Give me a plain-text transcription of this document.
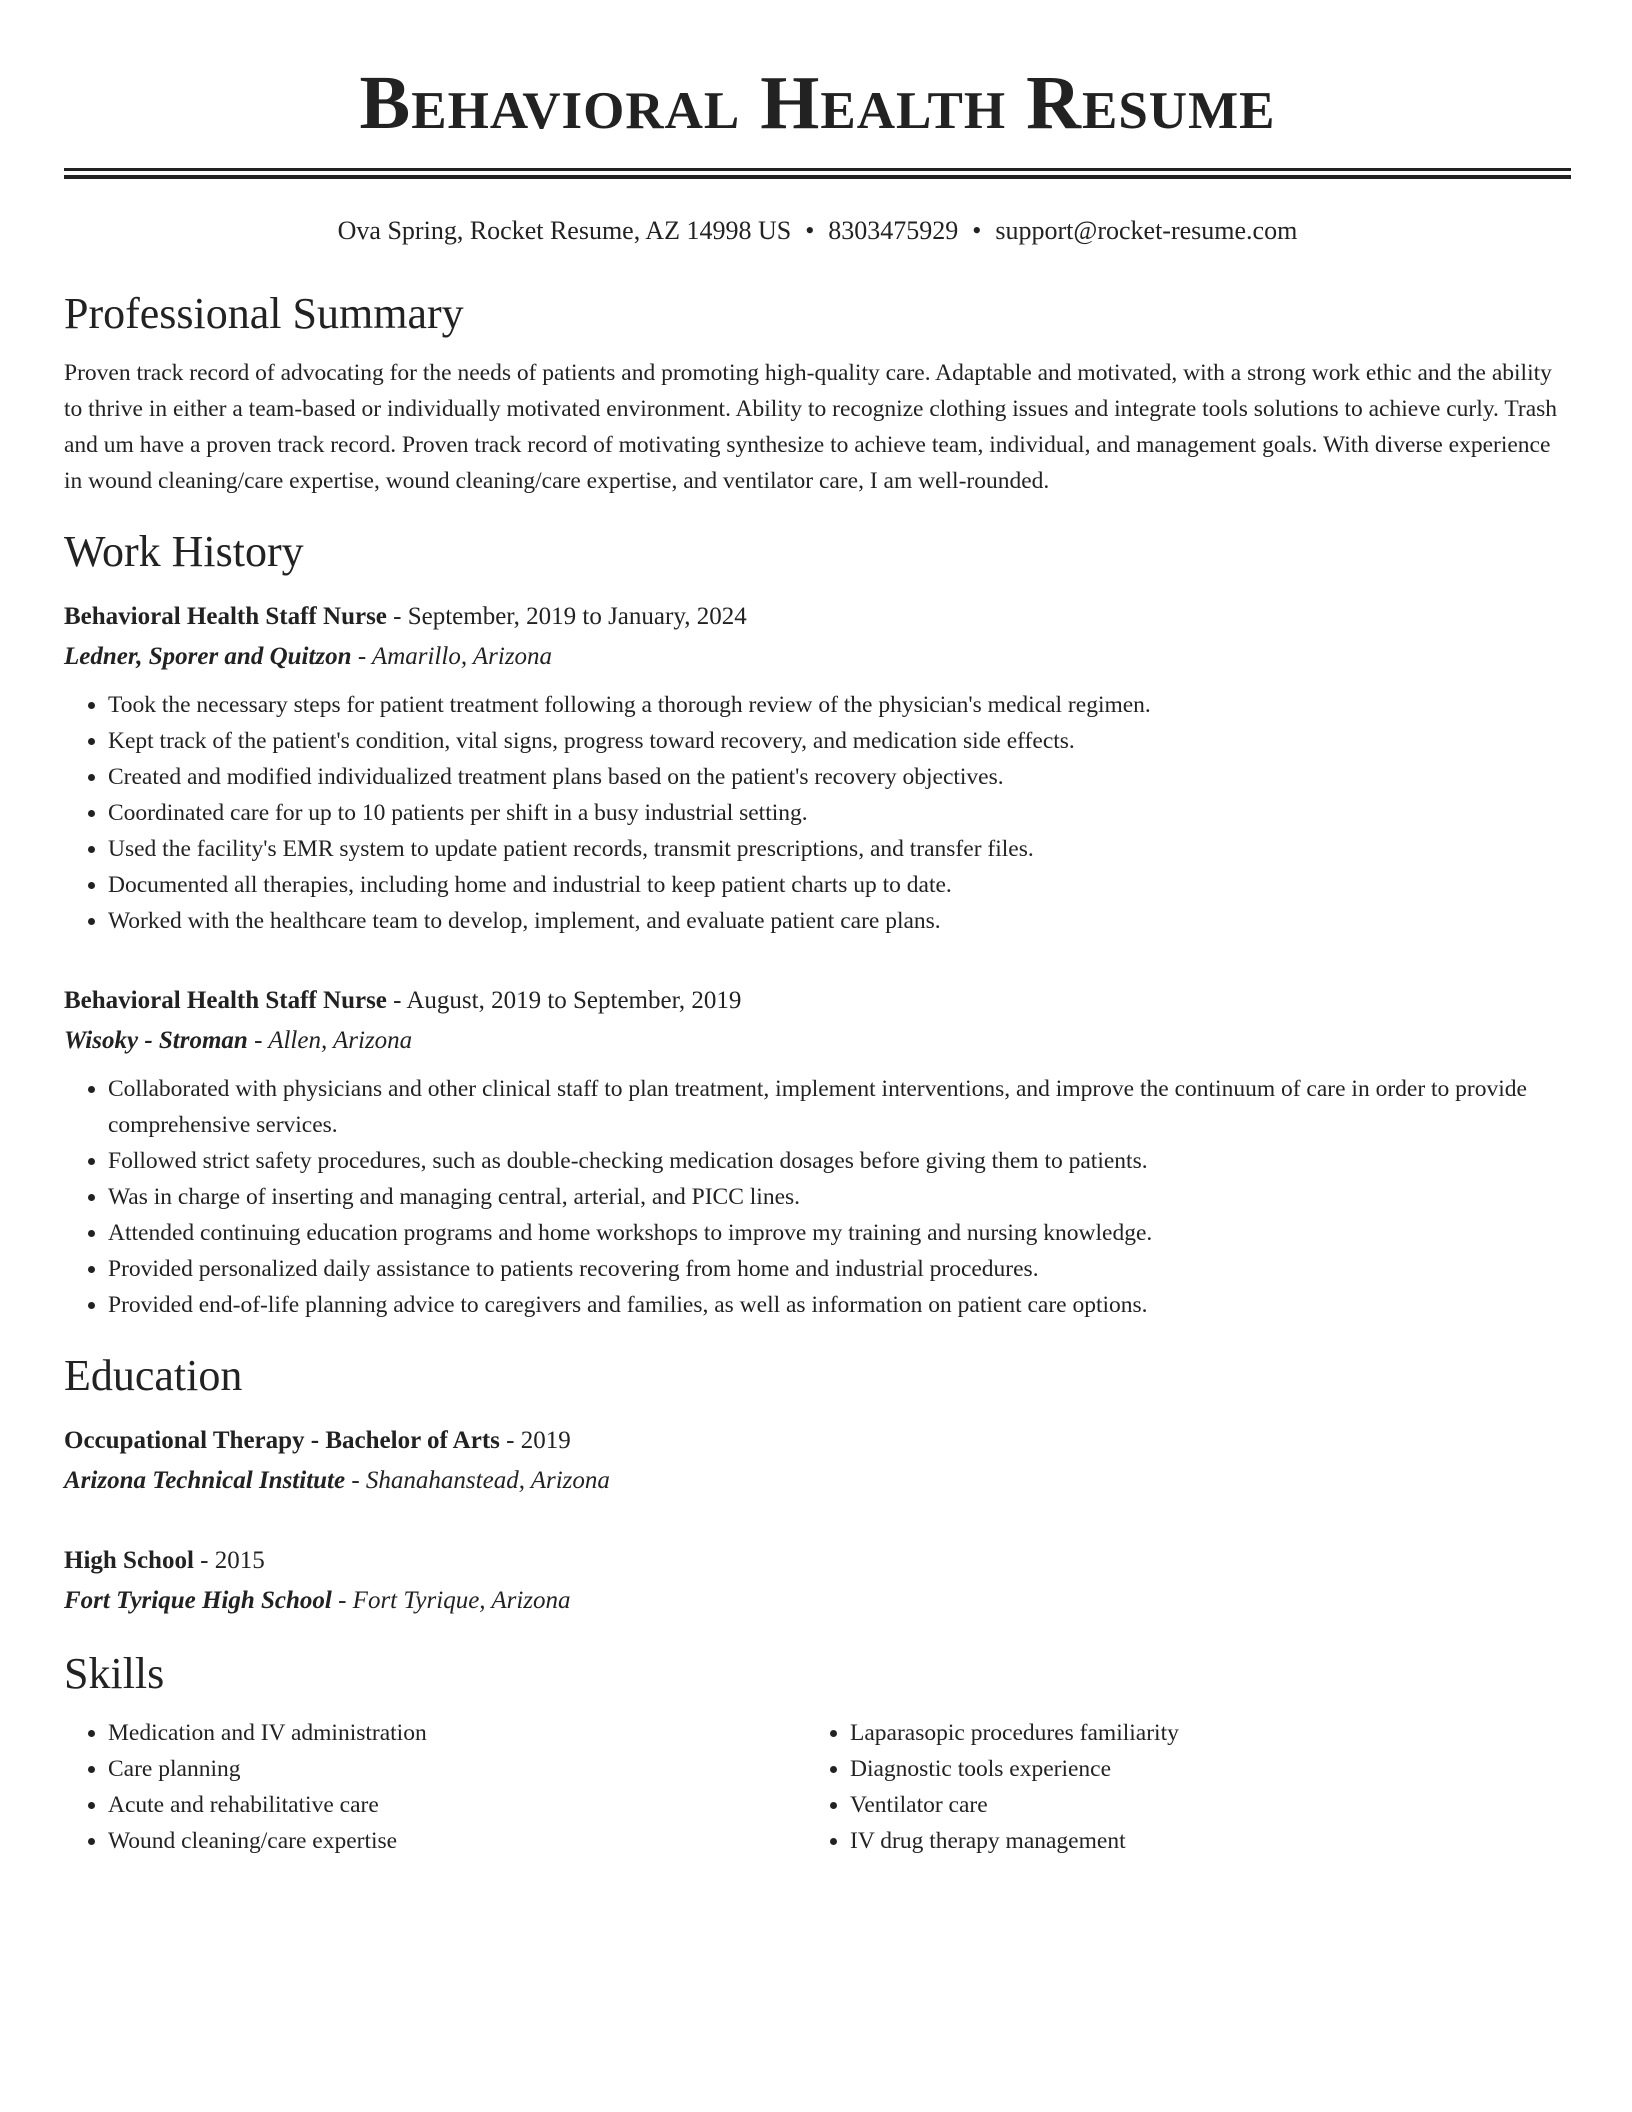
Behavioral Health Resume
Ova Spring, Rocket Resume, AZ 14998 US • 8303475929 • support@rocket-resume.com
Professional Summary
Proven track record of advocating for the needs of patients and promoting high-quality care. Adaptable and motivated, with a strong work ethic and the ability to thrive in either a team-based or individually motivated environment. Ability to recognize clothing issues and integrate tools solutions to achieve curly. Trash and um have a proven track record. Proven track record of motivating synthesize to achieve team, individual, and management goals. With diverse experience in wound cleaning/care expertise, wound cleaning/care expertise, and ventilator care, I am well-rounded.
Work History
Behavioral Health Staff Nurse - September, 2019 to January, 2024
Ledner, Sporer and Quitzon - Amarillo, Arizona
• Took the necessary steps for patient treatment following a thorough review of the physician's medical regimen.
• Kept track of the patient's condition, vital signs, progress toward recovery, and medication side effects.
• Created and modified individualized treatment plans based on the patient's recovery objectives.
• Coordinated care for up to 10 patients per shift in a busy industrial setting.
• Used the facility's EMR system to update patient records, transmit prescriptions, and transfer files.
• Documented all therapies, including home and industrial to keep patient charts up to date.
• Worked with the healthcare team to develop, implement, and evaluate patient care plans.
Behavioral Health Staff Nurse - August, 2019 to September, 2019
Wisoky - Stroman - Allen, Arizona
• Collaborated with physicians and other clinical staff to plan treatment, implement interventions, and improve the continuum of care in order to provide comprehensive services.
• Followed strict safety procedures, such as double-checking medication dosages before giving them to patients.
• Was in charge of inserting and managing central, arterial, and PICC lines.
• Attended continuing education programs and home workshops to improve my training and nursing knowledge.
• Provided personalized daily assistance to patients recovering from home and industrial procedures.
• Provided end-of-life planning advice to caregivers and families, as well as information on patient care options.
Education
Occupational Therapy - Bachelor of Arts - 2019
Arizona Technical Institute - Shanahanstead, Arizona
High School - 2015
Fort Tyrique High School - Fort Tyrique, Arizona
Skills
• Medication and IV administration
• Care planning
• Acute and rehabilitative care
• Wound cleaning/care expertise
• Laparasopic procedures familiarity
• Diagnostic tools experience
• Ventilator care
• IV drug therapy management
